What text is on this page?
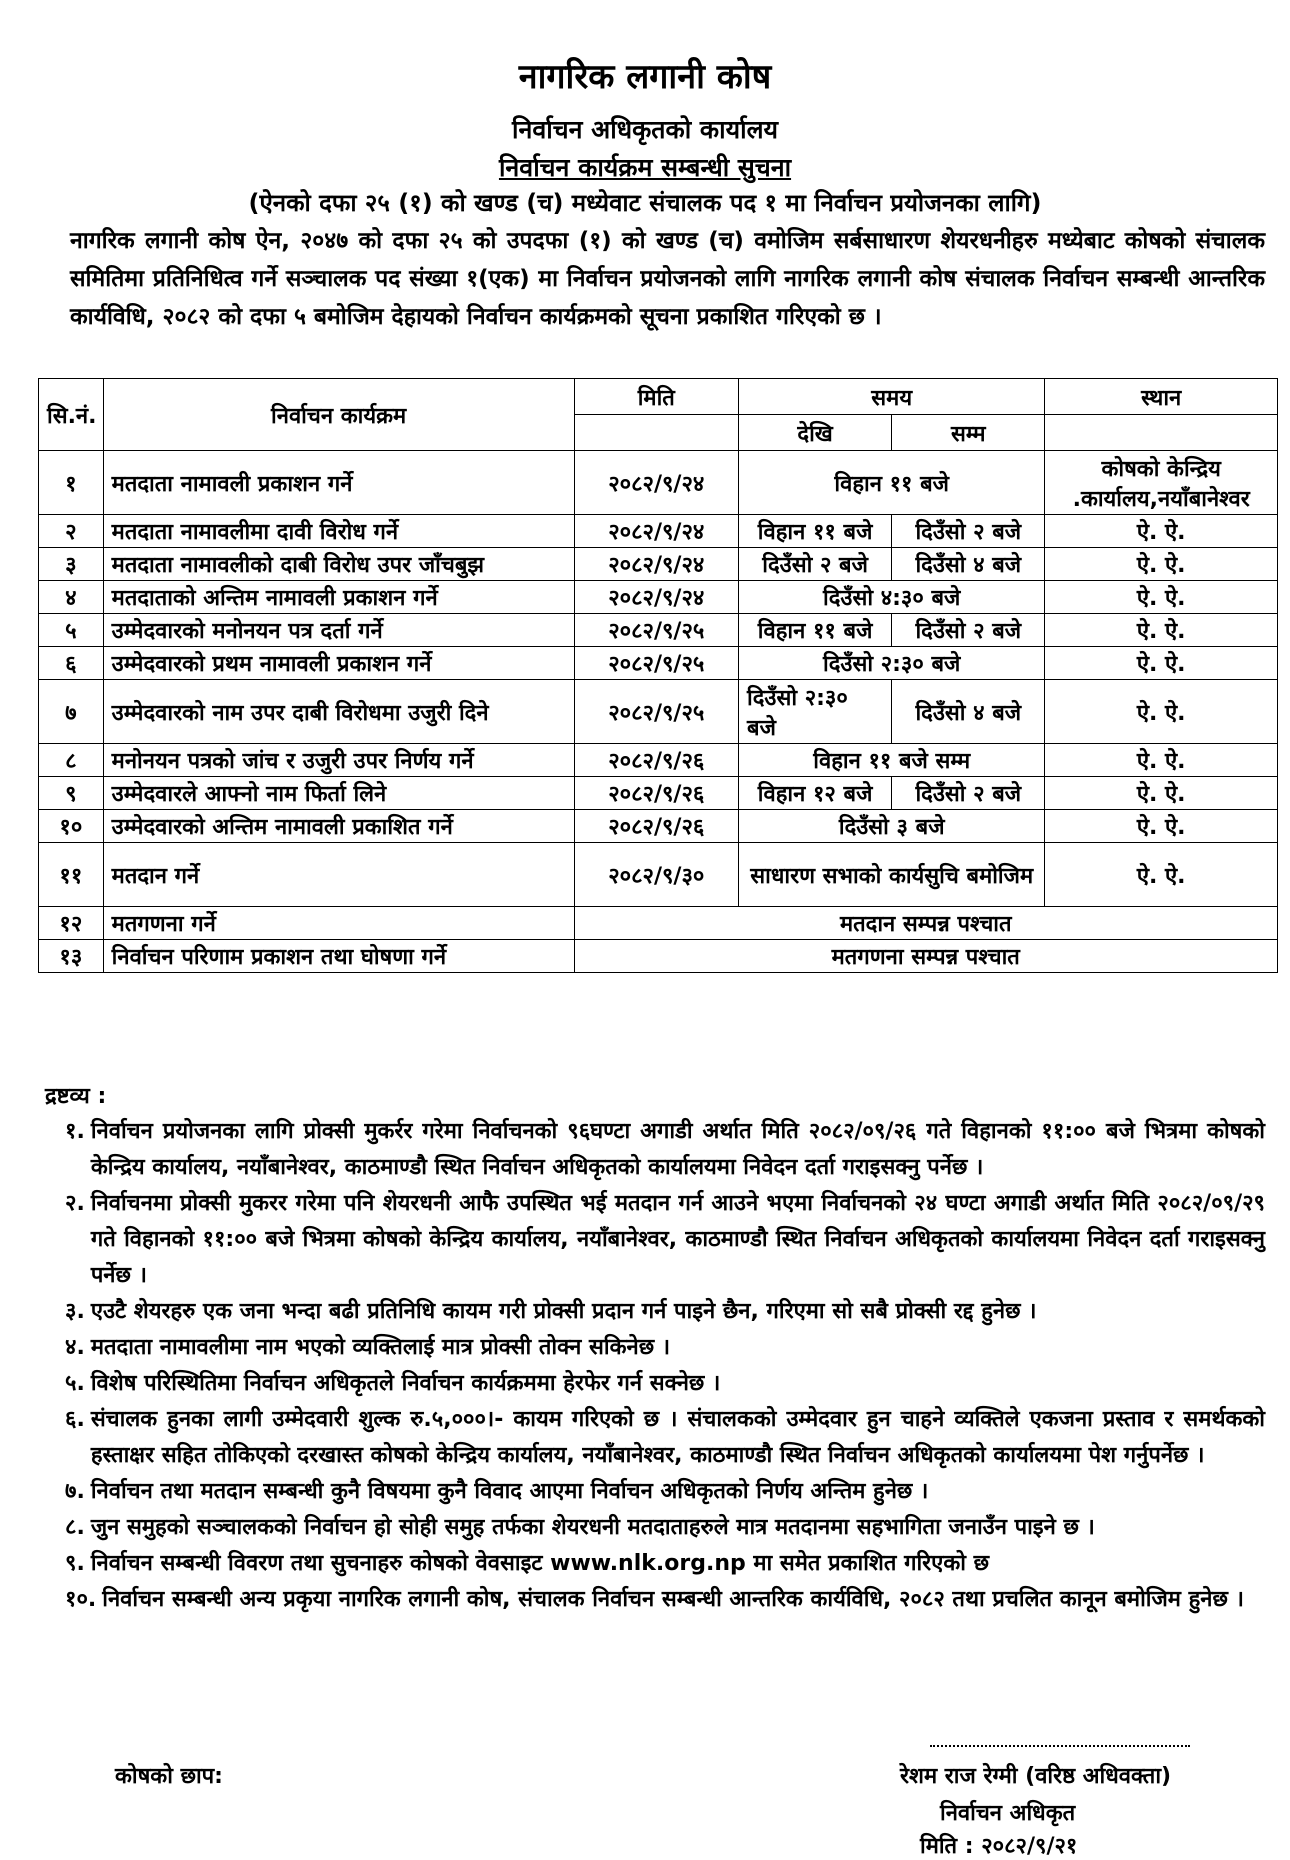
नागरिक लगानी कोष
निर्वाचन अधिकृतको कार्यालय
निर्वाचन कार्यक्रम सम्बन्धी सुचना
(ऐनको दफा २५ (१) को खण्ड (च) मध्येवाट संचालक पद १ मा निर्वाचन प्रयोजनका लागि)
नागरिक लगानी कोष ऐन, २०४७ को दफा २५ को उपदफा (१) को खण्ड (च) वमोजिम सर्बसाधारण शेयरधनीहरु मध्येबाट कोषको संचालक समितिमा प्रतिनिधित्व गर्ने सञ्चालक पद संख्या १(एक) मा निर्वाचन प्रयोजनको लागि नागरिक लगानी कोष संचालक निर्वाचन सम्बन्धी आन्तरिक कार्यविधि, २०८२ को दफा ५ बमोजिम देहायको निर्वाचन कार्यक्रमको सूचना प्रकाशित गरिएको छ ।
सि.नं.	निर्वाचन कार्यक्रम	मिति	समय		स्थान
			देखि	सम्म	
१	मतदाता नामावली प्रकाशन गर्ने	२०८२/९/२४	विहान ११ बजे		कोषको केन्द्रिय .कार्यालय,नयाँबानेश्वर
२	मतदाता नामावलीमा दावी विरोध गर्ने	२०८२/९/२४	विहान ११ बजे	दिउँसो २ बजे	ऐ. ऐ.
३	मतदाता नामावलीको दाबी विरोध उपर जाँचबुझ	२०८२/९/२४	दिउँसो २ बजे	दिउँसो ४ बजे	ऐ. ऐ.
४	मतदाताको अन्तिम नामावली प्रकाशन गर्ने	२०८२/९/२४	दिउँसो ४:३० बजे		ऐ. ऐ.
५	उम्मेदवारको मनोनयन पत्र दर्ता गर्ने	२०८२/९/२५	विहान ११ बजे	दिउँसो २ बजे	ऐ. ऐ.
६	उम्मेदवारको प्रथम नामावली प्रकाशन गर्ने	२०८२/९/२५	दिउँसो २:३० बजे		ऐ. ऐ.
७	उम्मेदवारको नाम उपर दाबी विरोधमा उजुरी दिने	२०८२/९/२५	दिउँसो २:३० बजे	दिउँसो ४ बजे	ऐ. ऐ.
८	मनोनयन पत्रको जांच र उजुरी उपर निर्णय गर्ने	२०८२/९/२६	विहान ११ बजे सम्म		ऐ. ऐ.
९	उम्मेदवारले आफ्नो नाम फिर्ता लिने	२०८२/९/२६	विहान १२ बजे	दिउँसो २ बजे	ऐ. ऐ.
१०	उम्मेदवारको अन्तिम नामावली प्रकाशित गर्ने	२०८२/९/२६	दिउँसो ३ बजे		ऐ. ऐ.
११	मतदान गर्ने	२०८२/९/३०	साधारण सभाको कार्यसुचि बमोजिम		ऐ. ऐ.
१२	मतगणना गर्ने	मतदान सम्पन्न पश्चात			
१३	निर्वाचन परिणाम प्रकाशन तथा घोषणा गर्ने	मतगणना सम्पन्न पश्चात			
द्रष्टव्य :
१. निर्वाचन प्रयोजनका लागि प्रोक्सी मुकर्रर गरेमा निर्वाचनको ९६घण्टा अगाडी अर्थात मिति २०८२/०९/२६ गते विहानको ११:०० बजे भित्रमा कोषको केन्द्रिय कार्यालय, नयाँबानेश्वर, काठमाण्डौ स्थित निर्वाचन अधिकृतको कार्यालयमा निवेदन दर्ता गराइसक्नु पर्नेछ ।
२. निर्वाचनमा प्रोक्सी मुकरर गरेमा पनि शेयरधनी आफै उपस्थित भई मतदान गर्न आउने भएमा निर्वाचनको २४ घण्टा अगाडी अर्थात मिति २०८२/०९/२९ गते विहानको ११:०० बजे भित्रमा कोषको केन्द्रिय कार्यालय, नयाँबानेश्वर, काठमाण्डौ स्थित निर्वाचन अधिकृतको कार्यालयमा निवेदन दर्ता गराइसक्नु पर्नेछ ।
३. एउटै शेयरहरु एक जना भन्दा बढी प्रतिनिधि कायम गरी प्रोक्सी प्रदान गर्न पाइने छैन, गरिएमा सो सबै प्रोक्सी रद्द हुनेछ ।
४. मतदाता नामावलीमा नाम भएको व्यक्तिलाई मात्र प्रोक्सी तोक्न सकिनेछ ।
५. विशेष परिस्थितिमा निर्वाचन अधिकृतले निर्वाचन कार्यक्रममा हेरफेर गर्न सक्नेछ ।
६. संचालक हुनका लागी उम्मेदवारी शुल्क रु.५,०००।- कायम गरिएको छ । संचालकको उम्मेदवार हुन चाहने व्यक्तिले एकजना प्रस्ताव र समर्थकको हस्ताक्षर सहित तोकिएको दरखास्त कोषको केन्द्रिय कार्यालय, नयाँबानेश्वर, काठमाण्डौ स्थित निर्वाचन अधिकृतको कार्यालयमा पेश गर्नुपर्नेछ ।
७. निर्वाचन तथा मतदान सम्बन्धी कुनै विषयमा कुनै विवाद आएमा निर्वाचन अधिकृतको निर्णय अन्तिम हुनेछ ।
८. जुन समुहको सञ्चालकको निर्वाचन हो सोही समुह तर्फका शेयरधनी मतदाताहरुले मात्र मतदानमा सहभागिता जनाउँन पाइने छ ।
९. निर्वाचन सम्बन्धी विवरण तथा सुचनाहरु कोषको वेवसाइट www.nlk.org.np मा समेत प्रकाशित गरिएको छ
१०. निर्वाचन सम्बन्धी अन्य प्रकृया नागरिक लगानी कोष, संचालक निर्वाचन सम्बन्धी आन्तरिक कार्यविधि, २०८२ तथा प्रचलित कानून बमोजिम हुनेछ ।
कोषको छाप:	रेशम राज रेग्मी (वरिष्ठ अधिवक्ता)
निर्वाचन अधिकृत
मिति : २०८२/९/२१
